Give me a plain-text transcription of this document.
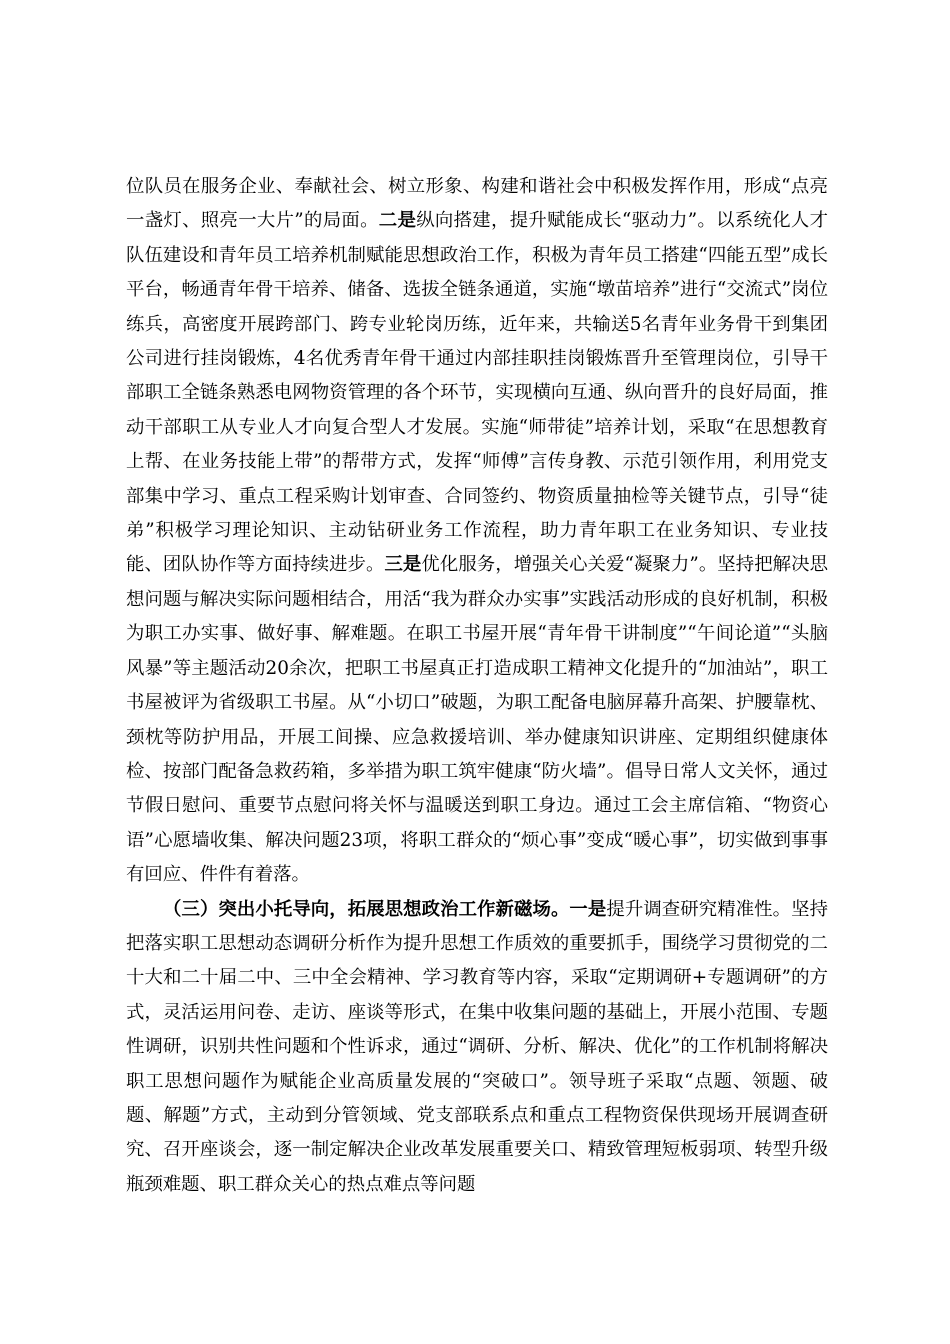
位队员在服务企业、奉献社会、树立形象、构建和谐社会中积极发挥作用，形成“点亮一盏灯、照亮一大片”的局面。二是纵向搭建，提升赋能成长“驱动力”。以系统化人才队伍建设和青年员工培养机制赋能思想政治工作，积极为青年员工搭建“四能五型”成长平台，畅通青年骨干培养、储备、选拔全链条通道，实施“墩苗培养”进行“交流式”岗位练兵，高密度开展跨部门、跨专业轮岗历练，近年来，共输送5名青年业务骨干到集团公司进行挂岗锻炼，4名优秀青年骨干通过内部挂职挂岗锻炼晋升至管理岗位，引导干部职工全链条熟悉电网物资管理的各个环节，实现横向互通、纵向晋升的良好局面，推动干部职工从专业人才向复合型人才发展。实施“师带徒”培养计划，采取“在思想教育上帮、在业务技能上带”的帮带方式，发挥“师傅”言传身教、示范引领作用，利用党支部集中学习、重点工程采购计划审查、合同签约、物资质量抽检等关键节点，引导“徒弟”积极学习理论知识、主动钻研业务工作流程，助力青年职工在业务知识、专业技能、团队协作等方面持续进步。三是优化服务，增强关心关爱“凝聚力”。坚持把解决思想问题与解决实际问题相结合，用活“我为群众办实事”实践活动形成的良好机制，积极为职工办实事、做好事、解难题。在职工书屋开展“青年骨干讲制度”“午间论道”“头脑风暴”等主题活动20余次，把职工书屋真正打造成职工精神文化提升的“加油站”，职工书屋被评为省级职工书屋。从“小切口”破题，为职工配备电脑屏幕升高架、护腰靠枕、颈枕等防护用品，开展工间操、应急救援培训、举办健康知识讲座、定期组织健康体检、按部门配备急救药箱，多举措为职工筑牢健康“防火墙”。倡导日常人文关怀，通过节假日慰问、重要节点慰问将关怀与温暖送到职工身边。通过工会主席信箱、“物资心语”心愿墙收集、解决问题23项，将职工群众的“烦心事”变成“暖心事”，切实做到事事有回应、件件有着落。

（三）突出小托导向，拓展思想政治工作新磁场。一是提升调查研究精准性。坚持把落实职工思想动态调研分析作为提升思想工作质效的重要抓手，围绕学习贯彻党的二十大和二十届二中、三中全会精神、学习教育等内容，采取“定期调研+专题调研”的方式，灵活运用问卷、走访、座谈等形式，在集中收集问题的基础上，开展小范围、专题性调研，识别共性问题和个性诉求，通过“调研、分析、解决、优化”的工作机制将解决职工思想问题作为赋能企业高质量发展的“突破口”。领导班子采取“点题、领题、破题、解题”方式，主动到分管领域、党支部联系点和重点工程物资保供现场开展调查研究、召开座谈会，逐一制定解决企业改革发展重要关口、精致管理短板弱项、转型升级瓶颈难题、职工群众关心的热点难点等问题
